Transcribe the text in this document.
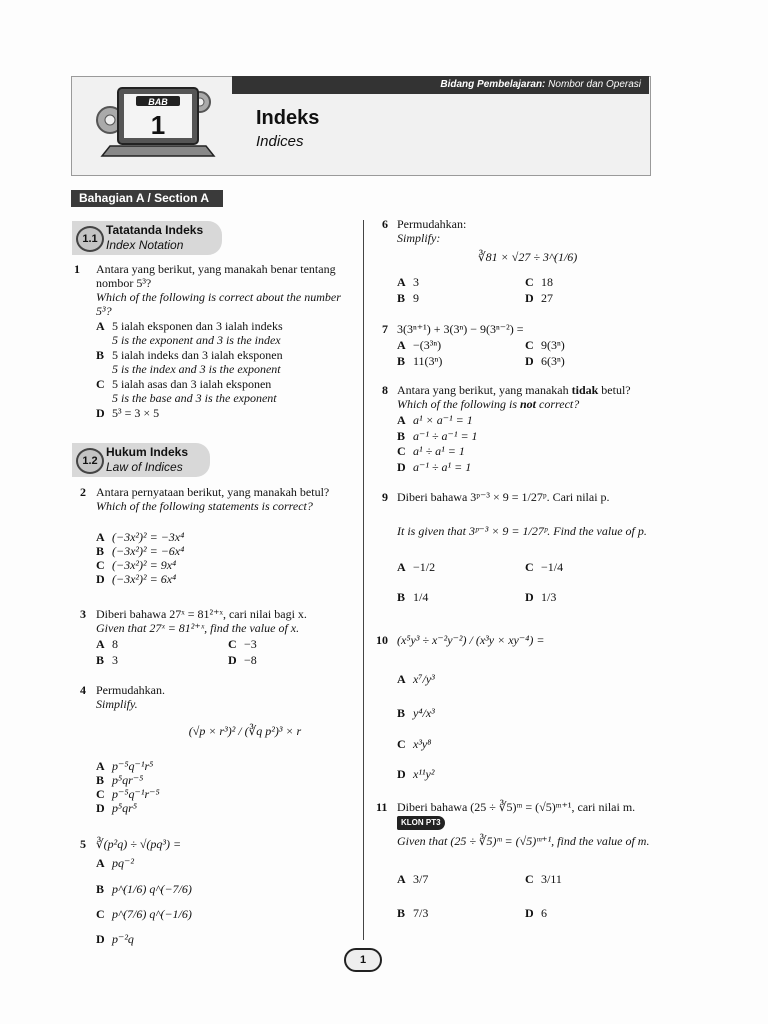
Bidang Pembelajaran: Nombor dan Operasi
BAB
1	Indeks
Indices
Bahagian A / Section A
1.1
Tatatanda Indeks
Index Notation
1 Antara yang berikut, yang manakah benar tentang nombor 5³?
Which of the following is correct about the number 5³?
A 5 ialah eksponen dan 3 ialah indeks
5 is the exponent and 3 is the index
B 5 ialah indeks dan 3 ialah eksponen
5 is the index and 3 is the exponent
C 5 ialah asas dan 3 ialah eksponen
5 is the base and 3 is the exponent
D 5³ = 3 × 5
1.2
Hukum Indeks
Law of Indices
2 Antara pernyataan berikut, yang manakah betul?
Which of the following statements is correct?
A (−3x²)² = −3x⁴
B (−3x²)² = −6x⁴
C (−3x²)² = 9x⁴
D (−3x²)² = 6x⁴
3 Diberi bahawa 27ˣ = 81²⁺ˣ, cari nilai bagi x.
Given that 27ˣ = 81²⁺ˣ, find the value of x.
A 8	C −3
B 3	D −8
4 Permudahkan.
Simplify.
(√p × r³)² / (∛q p²)³ × r
A p⁻⁵q⁻¹r⁵
B p⁵qr⁻⁵
C p⁻⁵q⁻¹r⁻⁵
D p⁵qr⁵
5 ∛(p²q) ÷ √(pq³) =
A pq⁻²
B p^(1/6) q^(−7/6)
C p^(7/6) q^(−1/6)
D p⁻²q
6 Permudahkan:
Simplify:
∛81 × √27 ÷ 3^(1/6)
A 3	C 18
B 9	D 27
7 3(3ⁿ⁺¹) + 3(3ⁿ) − 9(3ⁿ⁻²) =
A −(3³ⁿ)	C 9(3ⁿ)
B 11(3ⁿ)	D 6(3ⁿ)
8 Antara yang berikut, yang manakah tidak betul?
Which of the following is not correct?
A a¹ × a⁻¹ = 1
B a⁻¹ ÷ a⁻¹ = 1
C a¹ ÷ a¹ = 1
D a⁻¹ ÷ a¹ = 1
9 Diberi bahawa 3ᵖ⁻³ × 9 = 1/27ᵖ. Cari nilai p.
It is given that 3ᵖ⁻³ × 9 = 1/27ᵖ. Find the value of p.
A −1/2	C −1/4
B 1/4	D 1/3
10 (x⁵y³ ÷ x⁻²y⁻²) / (x³y × xy⁻⁴) =
A x⁷/y³
B y⁴/x³
C x³y⁸
D x¹¹y²
11 Diberi bahawa (25 ÷ ∛5)ᵐ = (√5)ᵐ⁺¹, cari nilai m. KLON PT3
Given that (25 ÷ ∛5)ᵐ = (√5)ᵐ⁺¹, find the value of m.
A 3/7	C 3/11
B 7/3	D 6
1
